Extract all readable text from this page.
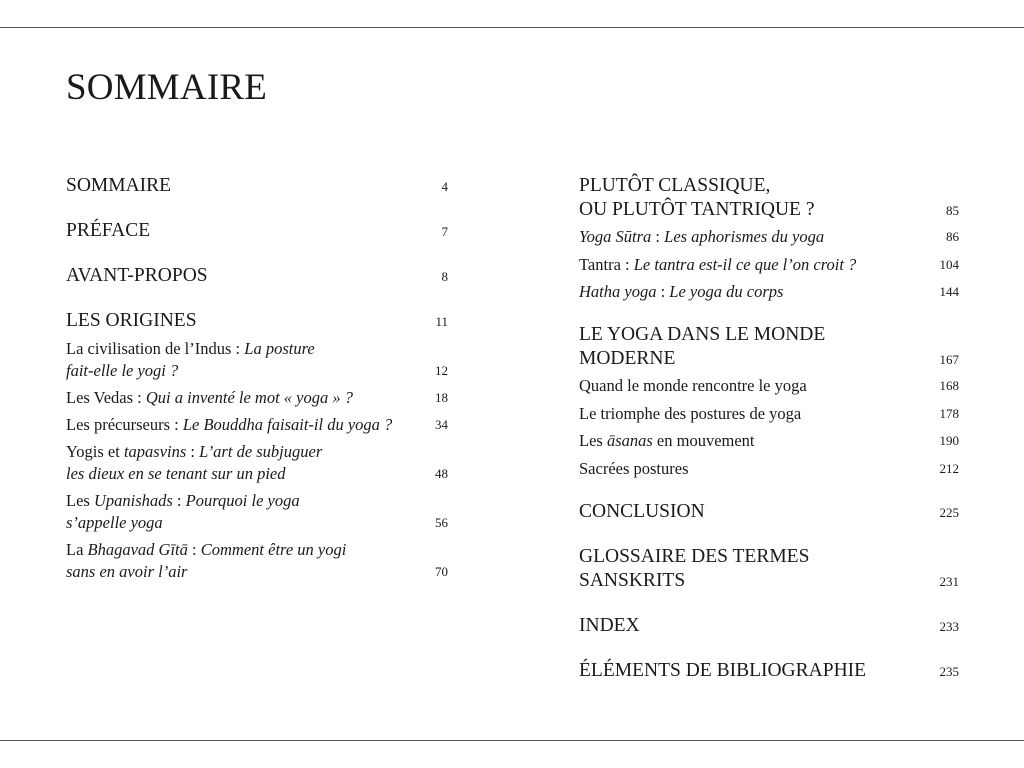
SOMMAIRE
SOMMAIRE	4
PRÉFACE	7
AVANT-PROPOS	8
LES ORIGINES	11
La civilisation de l’Indus : La posture
fait-elle le yogi ?	12
Les Vedas : Qui a inventé le mot « yoga » ?	18
Les précurseurs : Le Bouddha faisait-il du yoga ?	34
Yogis et tapasvins : L’art de subjuguer
les dieux en se tenant sur un pied	48
Les Upanishads : Pourquoi le yoga
s’appelle yoga	56
La Bhagavad Gītā : Comment être un yogi
sans en avoir l’air	70
PLUTÔT CLASSIQUE,
OU PLUTÔT TANTRIQUE ?	85
Yoga Sūtra : Les aphorismes du yoga	86
Tantra : Le tantra est-il ce que l’on croit ?	104
Hatha yoga : Le yoga du corps	144
LE YOGA DANS LE MONDE MODERNE	167
Quand le monde rencontre le yoga	168
Le triomphe des postures de yoga	178
Les āsanas en mouvement	190
Sacrées postures	212
CONCLUSION	225
GLOSSAIRE DES TERMES SANSKRITS	231
INDEX	233
ÉLÉMENTS DE BIBLIOGRAPHIE	235
